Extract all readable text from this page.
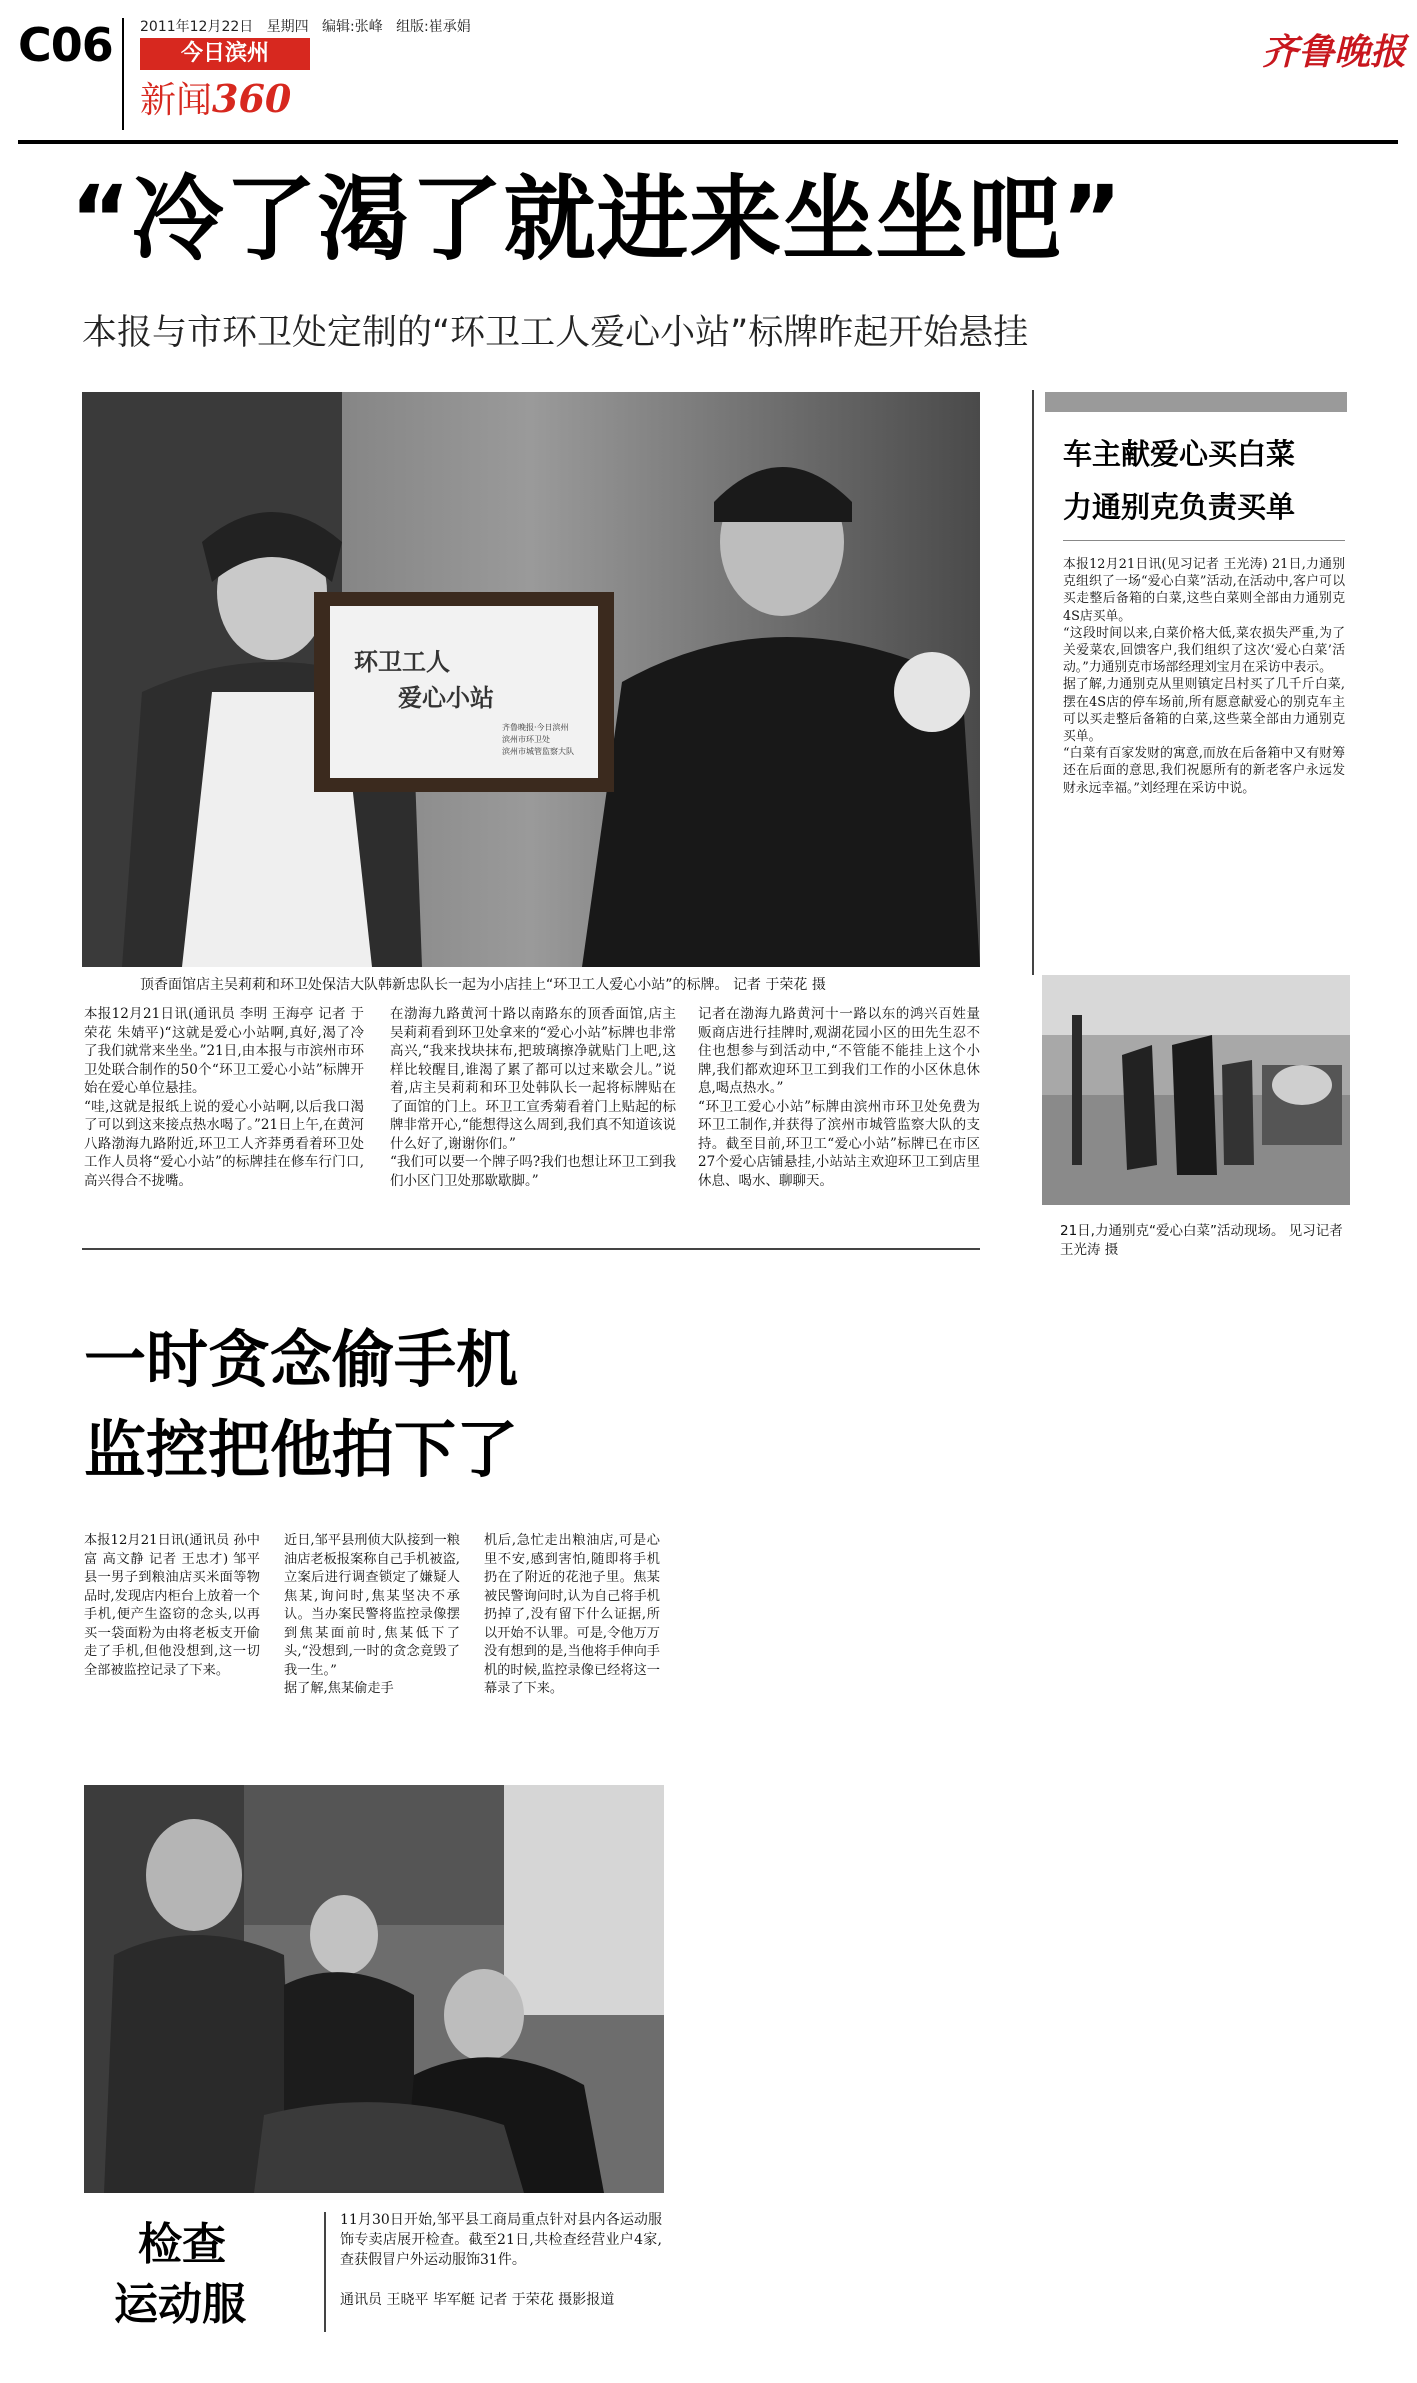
C06 2011年12月22日 星期四 编辑:张峰 组版:崔承娟
今日滨州
新闻360
齐鲁晚报
“冷了渴了就进来坐坐吧”
本报与市环卫处定制的“环卫工人爱心小站”标牌昨起开始悬挂
环卫工人
爱心小站
齐鲁晚报·今日滨州
滨州市环卫处
滨州市城管监察大队
顶香面馆店主吴莉莉和环卫处保洁大队韩新忠队长一起为小店挂上“环卫工人爱心小站”的标牌。 记者 于荣花 摄
本报12月21日讯(通讯员 李明 王海亭 记者 于荣花 朱婧平)“这就是爱心小站啊,真好,渴了冷了我们就常来坐坐。”21日,由本报与市滨州市环卫处联合制作的50个“环卫工爱心小站”标牌开始在爱心单位悬挂。
“哇,这就是报纸上说的爱心小站啊,以后我口渴了可以到这来接点热水喝了。”21日上午,在黄河八路渤海九路附近,环卫工人齐莽勇看着环卫处工作人员将“爱心小站”的标牌挂在修车行门口,高兴得合不拢嘴。
在渤海九路黄河十路以南路东的顶香面馆,店主吴莉莉看到环卫处拿来的“爱心小站”标牌也非常高兴,“我来找块抹布,把玻璃擦净就贴门上吧,这样比较醒目,谁渴了累了都可以过来歇会儿。”说着,店主吴莉莉和环卫处韩队长一起将标牌贴在了面馆的门上。环卫工宣秀菊看着门上贴起的标牌非常开心,“能想得这么周到,我们真不知道该说什么好了,谢谢你们。”
“我们可以要一个牌子吗?我们也想让环卫工到我们小区门卫处那歇歇脚。”
记者在渤海九路黄河十一路以东的鸿兴百姓量贩商店进行挂牌时,观湖花园小区的田先生忍不住也想参与到活动中,“不管能不能挂上这个小牌,我们都欢迎环卫工到我们工作的小区休息休息,喝点热水。”
“环卫工爱心小站”标牌由滨州市环卫处免费为环卫工制作,并获得了滨州市城管监察大队的支持。截至目前,环卫工“爱心小站”标牌已在市区27个爱心店铺悬挂,小站站主欢迎环卫工到店里休息、喝水、聊聊天。
车主献爱心买白菜
力通别克负责买单
本报12月21日讯(见习记者 王光涛) 21日,力通别克组织了一场“爱心白菜”活动,在活动中,客户可以买走整后备箱的白菜,这些白菜则全部由力通别克4S店买单。
“这段时间以来,白菜价格大低,菜农损失严重,为了关爱菜农,回馈客户,我们组织了这次‘爱心白菜’活动。”力通别克市场部经理刘宝月在采访中表示。
据了解,力通别克从里则镇定吕村买了几千斤白菜,摆在4S店的停车场前,所有愿意献爱心的别克车主可以买走整后备箱的白菜,这些菜全部由力通别克买单。
“白菜有百家发财的寓意,而放在后备箱中又有财筹还在后面的意思,我们祝愿所有的新老客户永远发财永远幸福。”刘经理在采访中说。
21日,力通别克“爱心白菜”活动现场。 见习记者 王光涛 摄
一时贪念偷手机
监控把他拍下了
本报12月21日讯(通讯员 孙中富 高文静 记者 王忠才) 邹平县一男子到粮油店买米面等物品时,发现店内柜台上放着一个手机,便产生盗窃的念头,以再买一袋面粉为由将老板支开偷走了手机,但他没想到,这一切全部被监控记录了下来。
近日,邹平县刑侦大队接到一粮油店老板报案称自己手机被盗,立案后进行调查锁定了嫌疑人焦某,询问时,焦某坚决不承认。当办案民警将监控录像摆到焦某面前时,焦某低下了头,“没想到,一时的贪念竟毁了我一生。”
据了解,焦某偷走手
机后,急忙走出粮油店,可是心里不安,感到害怕,随即将手机扔在了附近的花池子里。焦某被民警询问时,认为自己将手机扔掉了,没有留下什么证据,所以开始不认罪。可是,令他万万没有想到的是,当他将手伸向手机的时候,监控录像已经将这一幕录了下来。
检查
运动服
11月30日开始,邹平县工商局重点针对县内各运动服饰专卖店展开检查。截至21日,共检查经营业户4家,查获假冒户外运动服饰31件。
通讯员 王晓平 毕军艇 记者 于荣花 摄影报道
